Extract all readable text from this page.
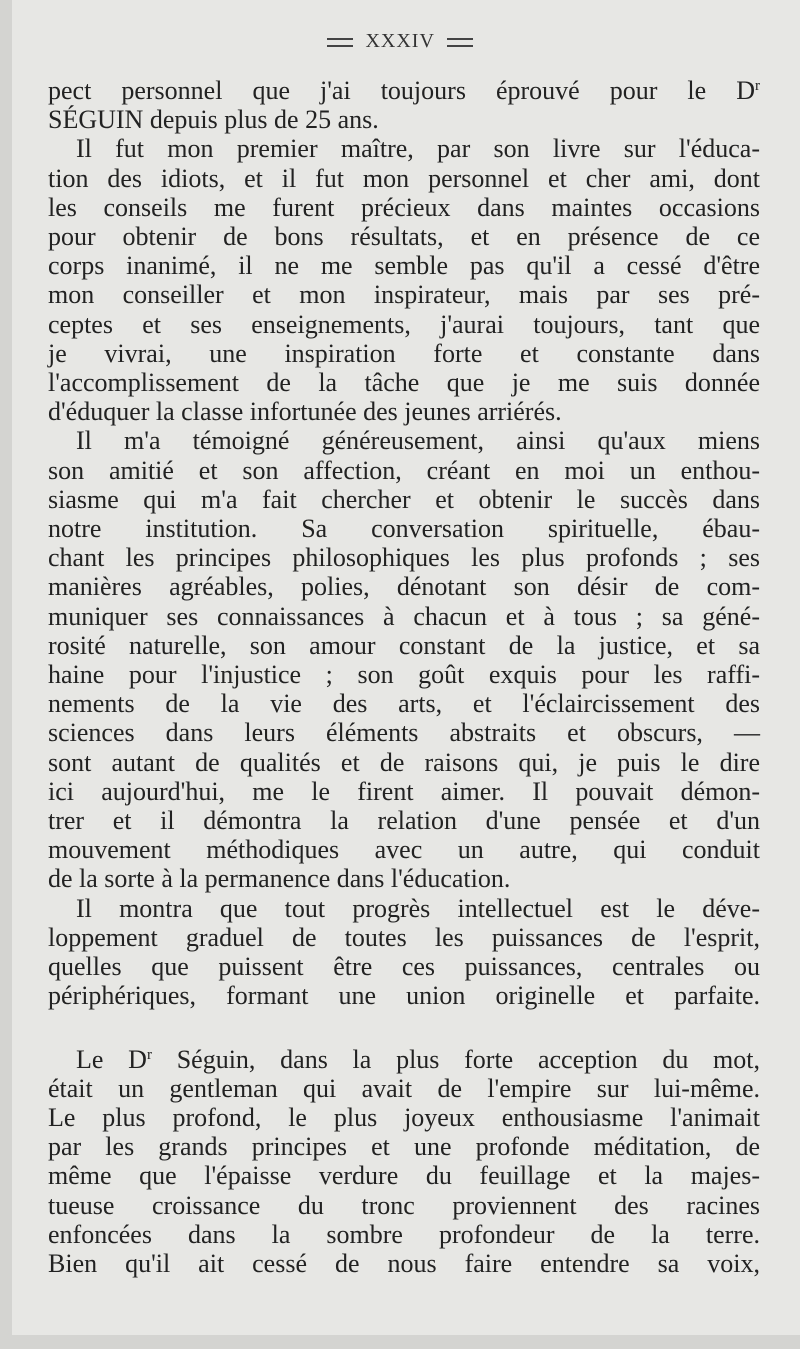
XXXIV
pect personnel que j'ai toujours éprouvé pour le $D^r$
SÉGUIN depuis plus de 25 ans.
Il fut mon premier maître, par son livre sur l'éduca-
tion des idiots, et il fut mon personnel et cher ami, dont
les conseils me furent précieux dans maintes occasions
pour obtenir de bons résultats, et en présence de ce
corps inanimé, il ne me semble pas qu'il a cessé d'être
mon conseiller et mon inspirateur, mais par ses pré-
ceptes et ses enseignements, j'aurai toujours, tant que
je vivrai, une inspiration forte et constante dans
l'accomplissement de la tâche que je me suis donnée
d'éduquer la classe infortunée des jeunes arriérés.
Il m'a témoigné généreusement, ainsi qu'aux miens
son amitié et son affection, créant en moi un enthou-
siasme qui m'a fait chercher et obtenir le succès dans
notre institution. Sa conversation spirituelle, ébau-
chant les principes philosophiques les plus profonds ; ses
manières agréables, polies, dénotant son désir de com-
muniquer ses connaissances à chacun et à tous ; sa géné-
rosité naturelle, son amour constant de la justice, et sa
haine pour l'injustice ; son goût exquis pour les raffi-
nements de la vie des arts, et l'éclaircissement des
sciences dans leurs éléments abstraits et obscurs, —
sont autant de qualités et de raisons qui, je puis le dire
ici aujourd'hui, me le firent aimer. Il pouvait démon-
trer et il démontra la relation d'une pensée et d'un
mouvement méthodiques avec un autre, qui conduit
de la sorte à la permanence dans l'éducation.
Il montra que tout progrès intellectuel est le déve-
loppement graduel de toutes les puissances de l'esprit,
quelles que puissent être ces puissances, centrales ou
périphériques, formant une union originelle et parfaite.
Le $D^r$ Séguin, dans la plus forte acception du mot,
était un gentleman qui avait de l'empire sur lui-même.
Le plus profond, le plus joyeux enthousiasme l'animait
par les grands principes et une profonde méditation, de
même que l'épaisse verdure du feuillage et la majes-
tueuse croissance du tronc proviennent des racines
enfoncées dans la sombre profondeur de la terre.
Bien qu'il ait cessé de nous faire entendre sa voix,
